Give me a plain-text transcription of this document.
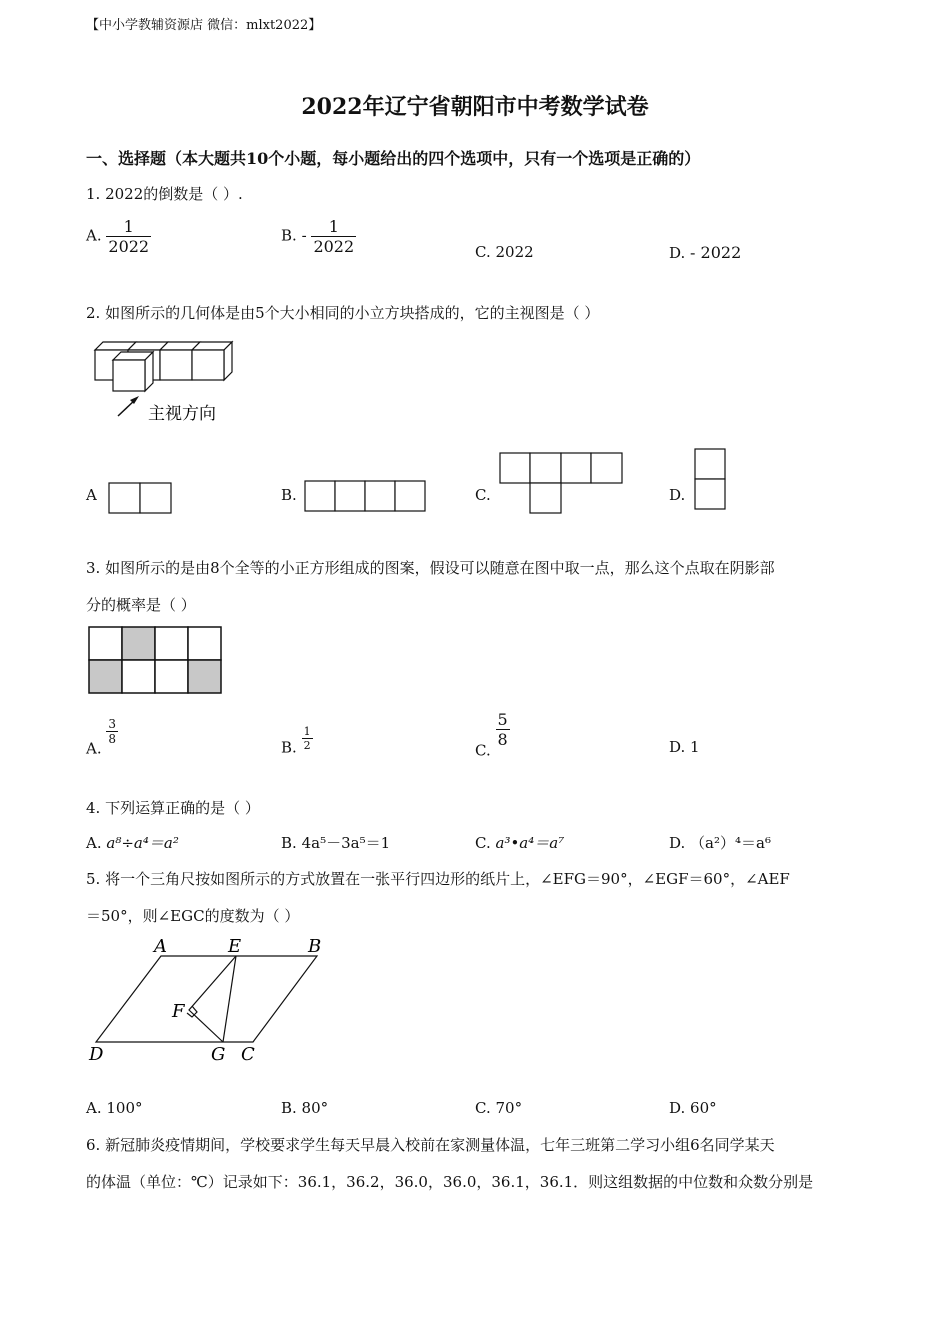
【中小学教辅资源店 微信：mlxt2022】
2022年辽宁省朝阳市中考数学试卷
一、选择题（本大题共10个小题，每小题给出的四个选项中，只有一个选项是正确的）
1. 2022的倒数是（ ）.
A. $\frac{1}{2022}$	B. - $\frac{1}{2022}$	C. 2022	D. - 2022
2. 如图所示的几何体是由5个大小相同的小立方块搭成的，它的主视图是（ ）
主视方向
A	B.	C.	D.
3. 如图所示的是由8个全等的小正方形组成的图案，假设可以随意在图中取一点，那么这个点取在阴影部
分的概率是（ ）
A.
$\frac{3}{8}$
B. $\frac{1}{2}$	C.
$\frac{5}{8}$	D. 1
4. 下列运算正确的是（ ）
A. a⁸÷a⁴＝a²	B. 4a⁵－3a⁵＝1	C. a³•a⁴＝a⁷	D. （a²）⁴＝a⁶
5. 将一个三角尺按如图所示的方式放置在一张平行四边形的纸片上，∠EFG＝90°，∠EGF＝60°，∠AEF
＝50°，则∠EGC的度数为（ ）
A	E	B
F
D	G C
A. 100°	B. 80°	C. 70°	D. 60°
6. 新冠肺炎疫情期间，学校要求学生每天早晨入校前在家测量体温，七年三班第二学习小组6名同学某天
的体温（单位：℃）记录如下：36.1，36.2，36.0，36.0，36.1，36.1．则这组数据的中位数和众数分别是
